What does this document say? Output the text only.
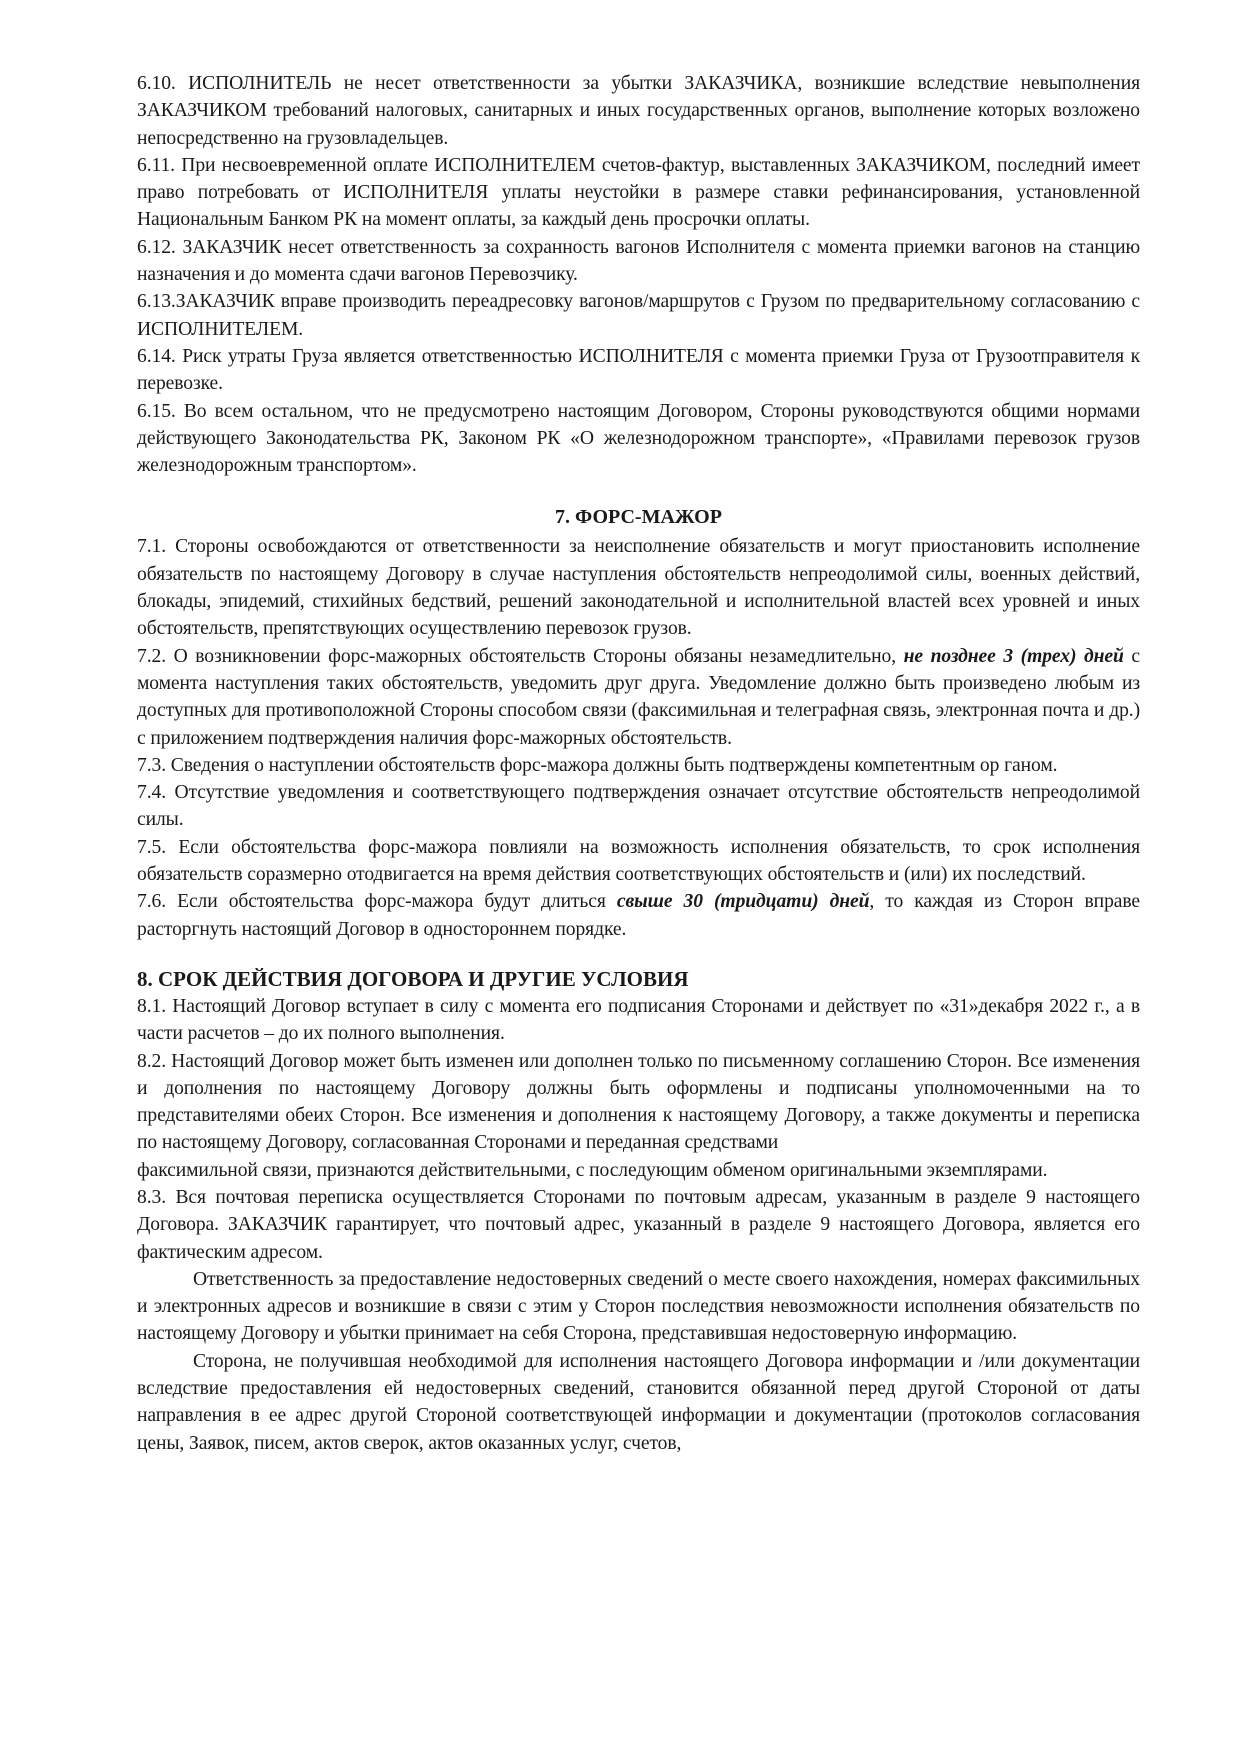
6.10. ИСПОЛНИТЕЛЬ не несет ответственности за убытки ЗАКАЗЧИКА, возникшие вследствие невыполнения ЗАКАЗЧИКОМ требований налоговых, санитарных и иных государственных органов, выполнение которых возложено непосредственно на грузовладельцев.

6.11. При несвоевременной оплате ИСПОЛНИТЕЛЕМ счетов-фактур, выставленных ЗАКАЗЧИКОМ, последний имеет право потребовать от ИСПОЛНИТЕЛЯ уплаты неустойки в размере ставки рефинансирования, установленной Национальным Банком РК на момент оплаты, за каждый день просрочки оплаты.

6.12. ЗАКАЗЧИК несет ответственность за сохранность вагонов Исполнителя с момента приемки вагонов на станцию назначения и до момента сдачи вагонов Перевозчику.

6.13.ЗАКАЗЧИК вправе производить переадресовку вагонов/маршрутов с Грузом по предварительному согласованию с ИСПОЛНИТЕЛЕМ.

6.14. Риск утраты Груза является ответственностью ИСПОЛНИТЕЛЯ с момента приемки Груза от Грузоотправителя к перевозке.

6.15. Во всем остальном, что не предусмотрено настоящим Договором, Стороны руководствуются общими нормами действующего Законодательства РК, Законом РК «О железнодорожном транспорте», «Правилами перевозок грузов железнодорожным транспортом».

7. ФОРС-МАЖОР

7.1. Стороны освобождаются от ответственности за неисполнение обязательств и могут приостановить исполнение обязательств по настоящему Договору в случае наступления обстоятельств непреодолимой силы, военных действий, блокады, эпидемий, стихийных бедствий, решений законодательной и исполнительной властей всех уровней и иных обстоятельств, препятствующих осуществлению перевозок грузов.

7.2. О возникновении форс-мажорных обстоятельств Стороны обязаны незамедлительно, не позднее 3 (трех) дней с момента наступления таких обстоятельств, уведомить друг друга. Уведомление должно быть произведено любым из доступных для противоположной Стороны способом связи (факсимильная и телеграфная связь, электронная почта и др.) с приложением подтверждения наличия форс-мажорных обстоятельств.

7.3. Сведения о наступлении обстоятельств форс-мажора должны быть подтверждены компетентным ор ганом.

7.4. Отсутствие уведомления и соответствующего подтверждения означает отсутствие обстоятельств непреодолимой силы.

7.5. Если обстоятельства форс-мажора повлияли на возможность исполнения обязательств, то срок исполнения обязательств соразмерно отодвигается на время действия соответствующих обстоятельств и (или) их последствий.

7.6. Если обстоятельства форс-мажора будут длиться свыше 30 (тридцати) дней, то каждая из Сторон вправе расторгнуть настоящий Договор в одностороннем порядке.

8. СРОК ДЕЙСТВИЯ ДОГОВОРА И ДРУГИЕ УСЛОВИЯ

8.1. Настоящий Договор вступает в силу с момента его подписания Сторонами и действует по «31»декабря 2022 г., а в части расчетов – до их полного выполнения.

8.2. Настоящий Договор может быть изменен или дополнен только по письменному соглашению Сторон. Все изменения и дополнения по настоящему Договору должны быть оформлены и подписаны уполномоченными на то представителями обеих Сторон. Все изменения и дополнения к настоящему Договору, а также документы и переписка по настоящему Договору, согласованная Сторонами и переданная средствами

факсимильной связи, признаются действительными, с последующим обменом оригинальными экземплярами.

8.3. Вся почтовая переписка осуществляется Сторонами по почтовым адресам, указанным в разделе 9 настоящего Договора. ЗАКАЗЧИК гарантирует, что почтовый адрес, указанный в разделе 9 настоящего Договора, является его фактическим адресом.

Ответственность за предоставление недостоверных сведений о месте своего нахождения, номерах факсимильных и электронных адресов и возникшие в связи с этим у Сторон последствия невозможности исполнения обязательств по настоящему Договору и убытки принимает на себя Сторона, представившая недостоверную информацию.

Сторона, не получившая необходимой для исполнения настоящего Договора информации и /или документации вследствие предоставления ей недостоверных сведений, становится обязанной перед другой Стороной от даты направления в ее адрес другой Стороной соответствующей информации и документации (протоколов согласования цены, Заявок, писем, актов сверок, актов оказанных услуг, счетов,
